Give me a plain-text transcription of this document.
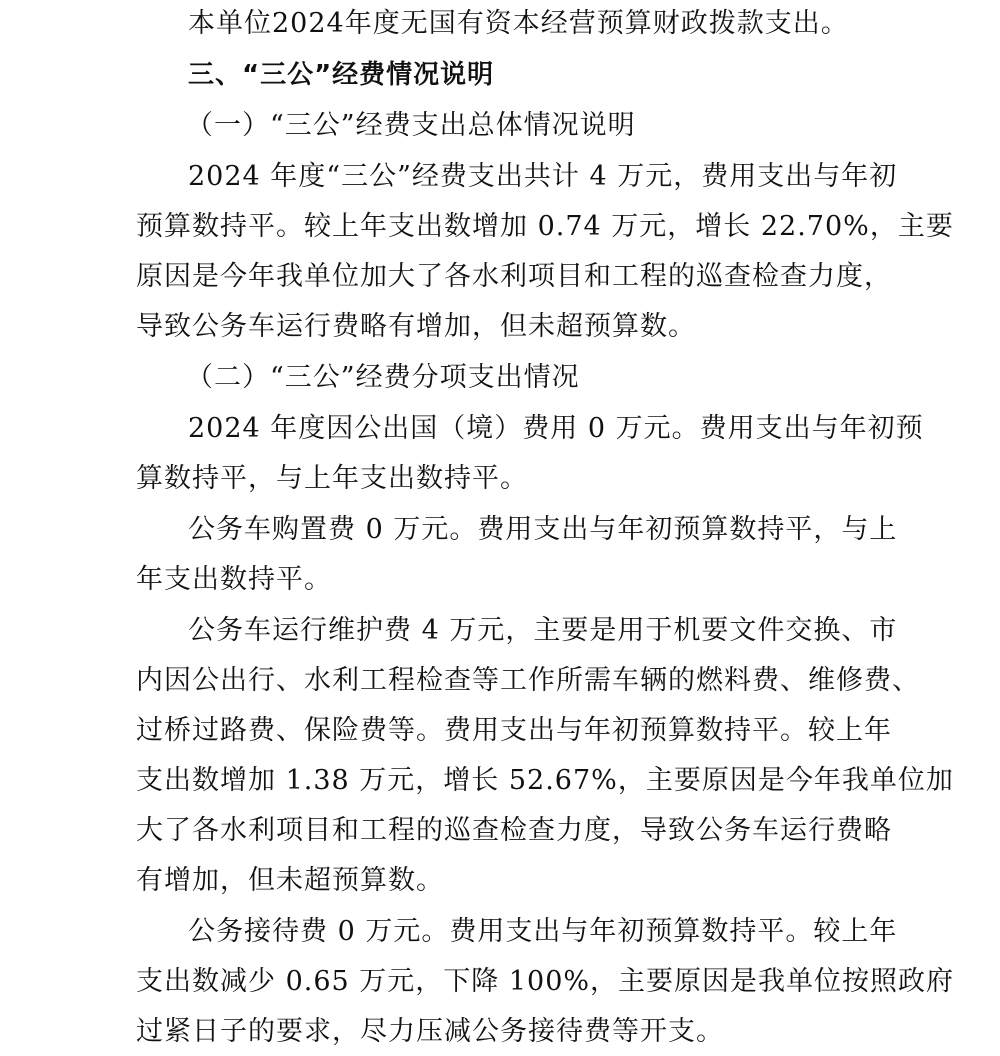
本单位2024年度无国有资本经营预算财政拨款支出。
三、“三公”经费情况说明
（一）“三公”经费支出总体情况说明
2024 年度“三公”经费支出共计 4 万元，费用支出与年初
预算数持平。较上年支出数增加 0.74 万元，增长 22.70%，主要
原因是今年我单位加大了各水利项目和工程的巡查检查力度，
导致公务车运行费略有增加，但未超预算数。
（二）“三公”经费分项支出情况
2024 年度因公出国（境）费用 0 万元。费用支出与年初预
算数持平，与上年支出数持平。
公务车购置费 0 万元。费用支出与年初预算数持平，与上
年支出数持平。
公务车运行维护费 4 万元，主要是用于机要文件交换、市
内因公出行、水利工程检查等工作所需车辆的燃料费、维修费、
过桥过路费、保险费等。费用支出与年初预算数持平。较上年
支出数增加 1.38 万元，增长 52.67%，主要原因是今年我单位加
大了各水利项目和工程的巡查检查力度，导致公务车运行费略
有增加，但未超预算数。
公务接待费 0 万元。费用支出与年初预算数持平。较上年
支出数减少 0.65 万元，下降 100%，主要原因是我单位按照政府
过紧日子的要求，尽力压减公务接待费等开支。
